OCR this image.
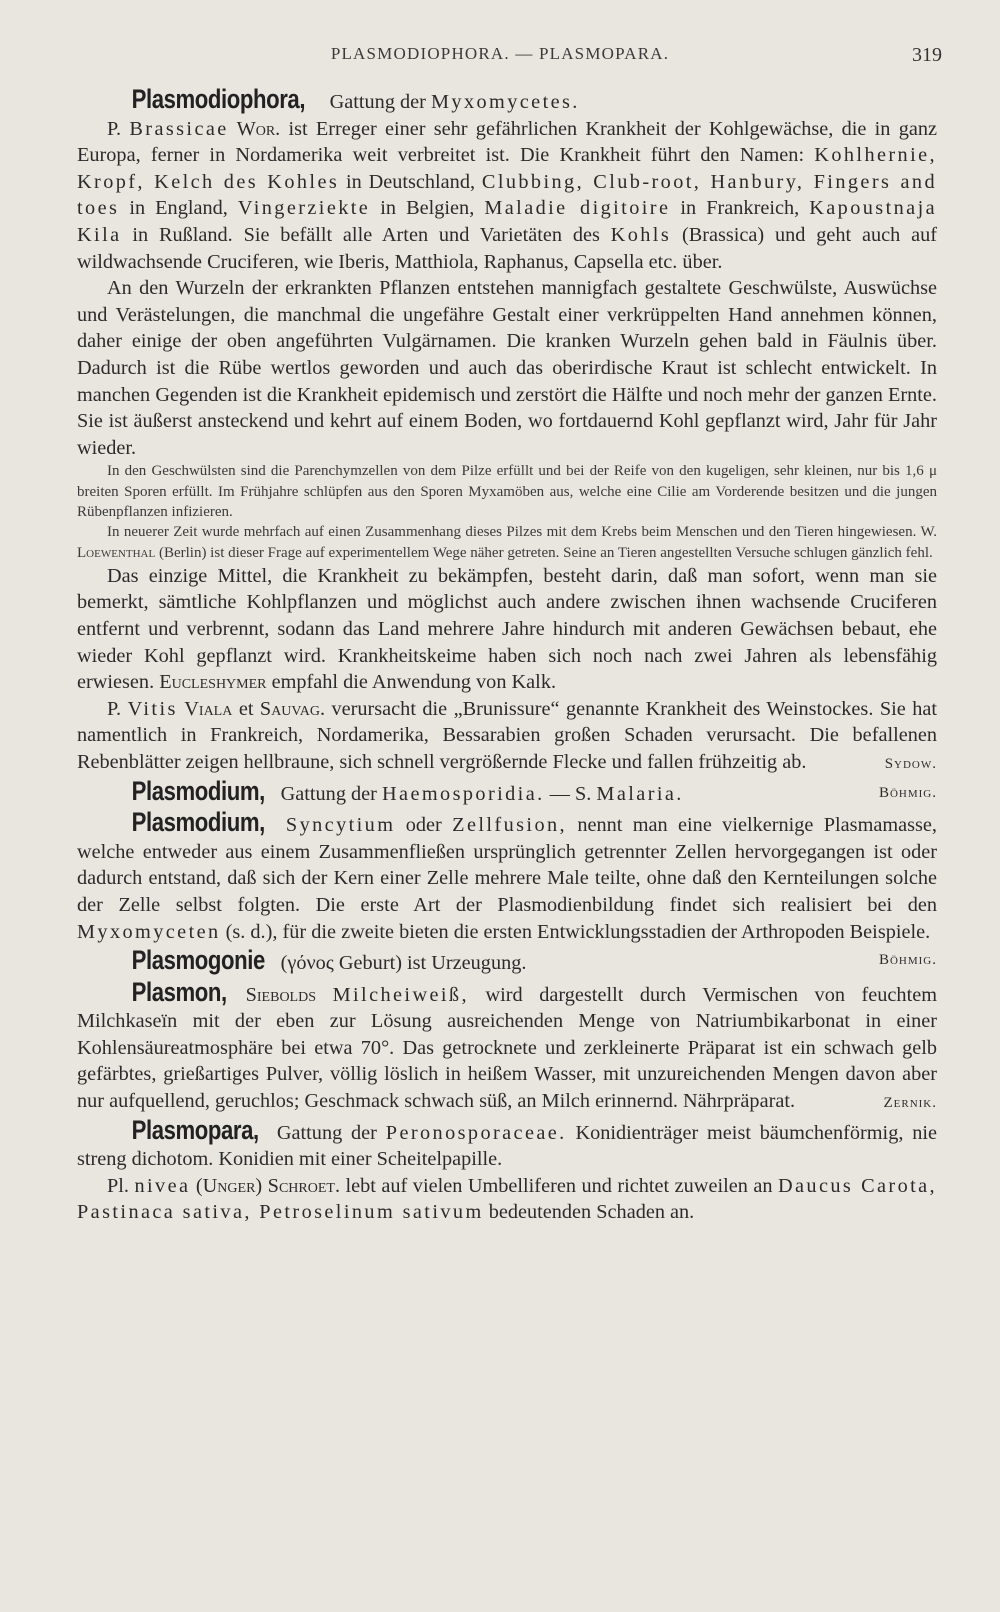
PLASMODIOPHORA. — PLASMOPARA.	319

Plasmodiophora, Gattung der Myxomycetes.

P. Brassicae Wor. ist Erreger einer sehr gefährlichen Krankheit der Kohlgewächse, die in ganz Europa, ferner in Nordamerika weit verbreitet ist. Die Krankheit führt den Namen: Kohlhernie, Kropf, Kelch des Kohles in Deutschland, Clubbing, Club-root, Hanbury, Fingers and toes in England, Vingerziekte in Belgien, Maladie digitoire in Frankreich, Kapoustnaja Kila in Rußland. Sie befällt alle Arten und Varietäten des Kohls (Brassica) und geht auch auf wildwachsende Cruciferen, wie Iberis, Matthiola, Raphanus, Capsella etc. über.

An den Wurzeln der erkrankten Pflanzen entstehen mannigfach gestaltete Geschwülste, Auswüchse und Verästelungen, die manchmal die ungefähre Gestalt einer verkrüppelten Hand annehmen können, daher einige der oben angeführten Vulgärnamen. Die kranken Wurzeln gehen bald in Fäulnis über. Dadurch ist die Rübe wertlos geworden und auch das oberirdische Kraut ist schlecht entwickelt. In manchen Gegenden ist die Krankheit epidemisch und zerstört die Hälfte und noch mehr der ganzen Ernte. Sie ist äußerst ansteckend und kehrt auf einem Boden, wo fortdauernd Kohl gepflanzt wird, Jahr für Jahr wieder.

In den Geschwülsten sind die Parenchymzellen von dem Pilze erfüllt und bei der Reife von den kugeligen, sehr kleinen, nur bis 1,6 μ breiten Sporen erfüllt. Im Frühjahre schlüpfen aus den Sporen Myxamöben aus, welche eine Cilie am Vorderende besitzen und die jungen Rübenpflanzen infizieren.

In neuerer Zeit wurde mehrfach auf einen Zusammenhang dieses Pilzes mit dem Krebs beim Menschen und den Tieren hingewiesen. W. Loewenthal (Berlin) ist dieser Frage auf experimentellem Wege näher getreten. Seine an Tieren angestellten Versuche schlugen gänzlich fehl.

Das einzige Mittel, die Krankheit zu bekämpfen, besteht darin, daß man sofort, wenn man sie bemerkt, sämtliche Kohlpflanzen und möglichst auch andere zwischen ihnen wachsende Cruciferen entfernt und verbrennt, sodann das Land mehrere Jahre hindurch mit anderen Gewächsen bebaut, ehe wieder Kohl gepflanzt wird. Krankheitskeime haben sich noch nach zwei Jahren als lebensfähig erwiesen. Eucleshymer empfahl die Anwendung von Kalk.

P. Vitis Viala et Sauvag. verursacht die „Brunissure“ genannte Krankheit des Weinstockes. Sie hat namentlich in Frankreich, Nordamerika, Bessarabien großen Schaden verursacht. Die befallenen Rebenblätter zeigen hellbraune, sich schnell vergrößernde Flecke und fallen frühzeitig ab.	Sydow.

Plasmodium, Gattung der Haemosporidia. — S. Malaria.	Böhmig.

Plasmodium, Syncytium oder Zellfusion, nennt man eine vielkernige Plasmamasse, welche entweder aus einem Zusammenfließen ursprünglich getrennter Zellen hervorgegangen ist oder dadurch entstand, daß sich der Kern einer Zelle mehrere Male teilte, ohne daß den Kernteilungen solche der Zelle selbst folgten. Die erste Art der Plasmodienbildung findet sich realisiert bei den Myxomyceten (s. d.), für die zweite bieten die ersten Entwicklungsstadien der Arthropoden Beispiele.
Böhmig.

Plasmogonie (γόνος Geburt) ist Urzeugung.

Plasmon, Siebolds Milcheiweiß, wird dargestellt durch Vermischen von feuchtem Milchkaseïn mit der eben zur Lösung ausreichenden Menge von Natriumbikarbonat in einer Kohlensäureatmosphäre bei etwa 70°. Das getrocknete und zerkleinerte Präparat ist ein schwach gelb gefärbtes, grießartiges Pulver, völlig löslich in heißem Wasser, mit unzureichenden Mengen davon aber nur aufquellend, geruchlos; Geschmack schwach süß, an Milch erinnernd. Nährpräparat.	Zernik.

Plasmopara, Gattung der Peronosporaceae. Konidienträger meist bäumchenförmig, nie streng dichotom. Konidien mit einer Scheitelpapille.

Pl. nivea (Unger) Schroet. lebt auf vielen Umbelliferen und richtet zuweilen an Daucus Carota, Pastinaca sativa, Petroselinum sativum bedeutenden Schaden an.
